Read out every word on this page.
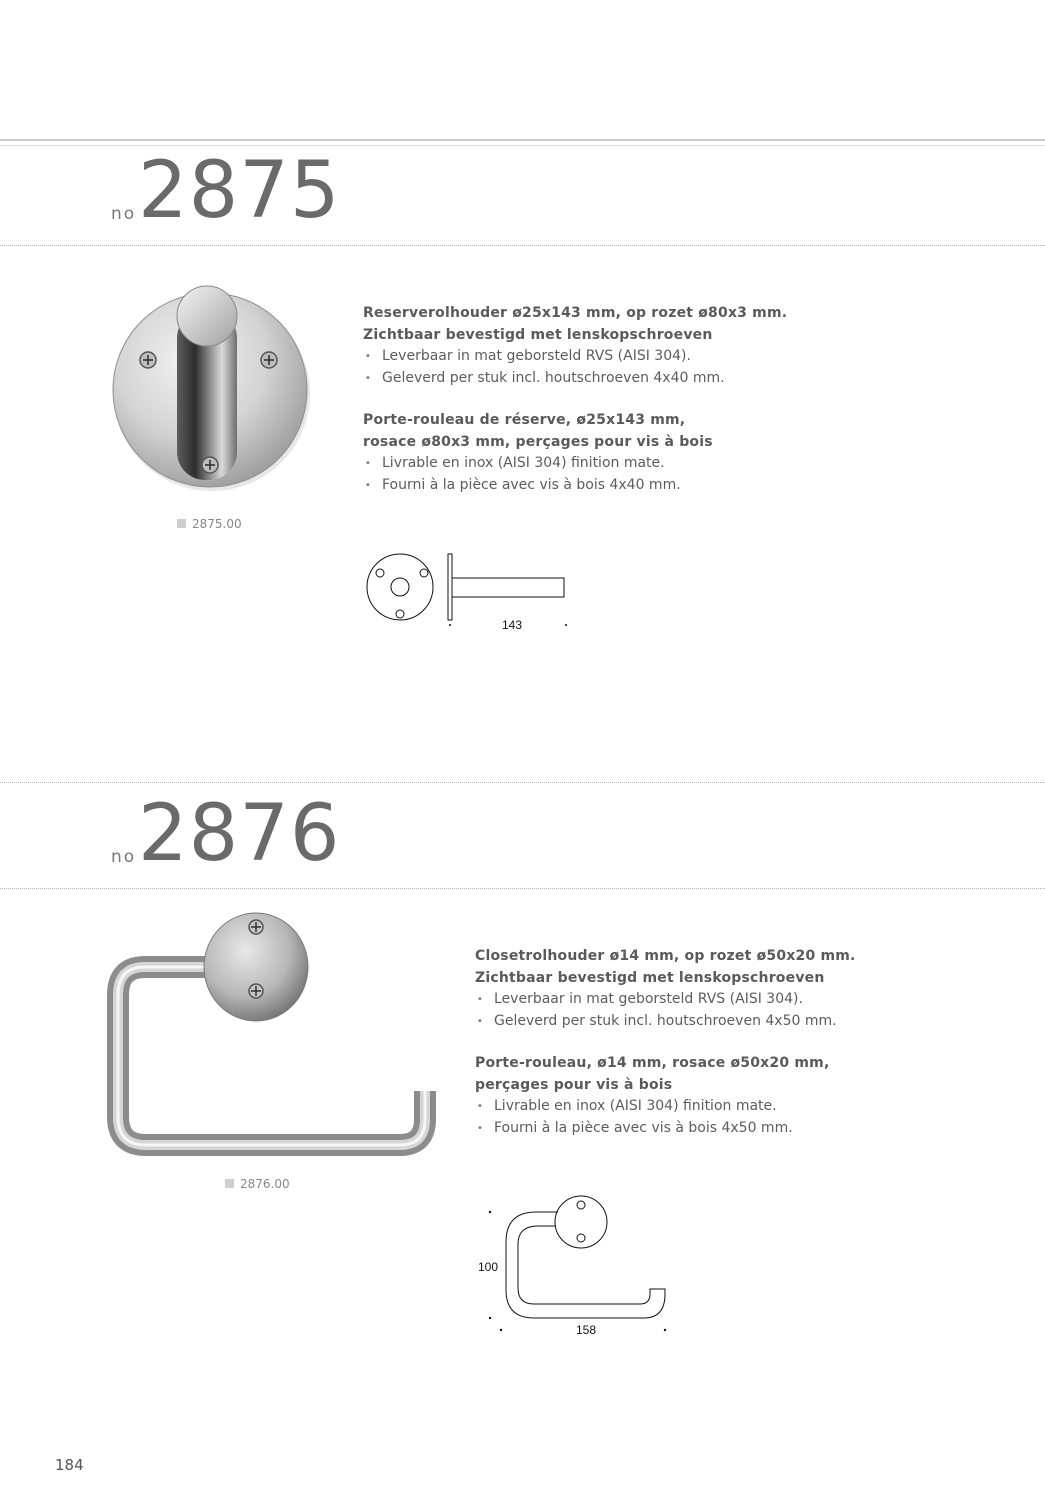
no 2875
2875.00
Reserverolhouder ø25x143 mm, op rozet ø80x3 mm.
Zichtbaar bevestigd met lenskopschroeven
• Leverbaar in mat geborsteld RVS (AISI 304).
• Geleverd per stuk incl. houtschroeven 4x40 mm.
Porte-rouleau de réserve, ø25x143 mm,
rosace ø80x3 mm, perçages pour vis à bois
• Livrable en inox (AISI 304) finition mate.
• Fourni à la pièce avec vis à bois 4x40 mm.
143
no 2876
2876.00
Closetrolhouder ø14 mm, op rozet ø50x20 mm.
Zichtbaar bevestigd met lenskopschroeven
• Leverbaar in mat geborsteld RVS (AISI 304).
• Geleverd per stuk incl. houtschroeven 4x50 mm.
Porte-rouleau, ø14 mm, rosace ø50x20 mm,
perçages pour vis à bois
• Livrable en inox (AISI 304) finition mate.
• Fourni à la pièce avec vis à bois 4x50 mm.
100
158
184
